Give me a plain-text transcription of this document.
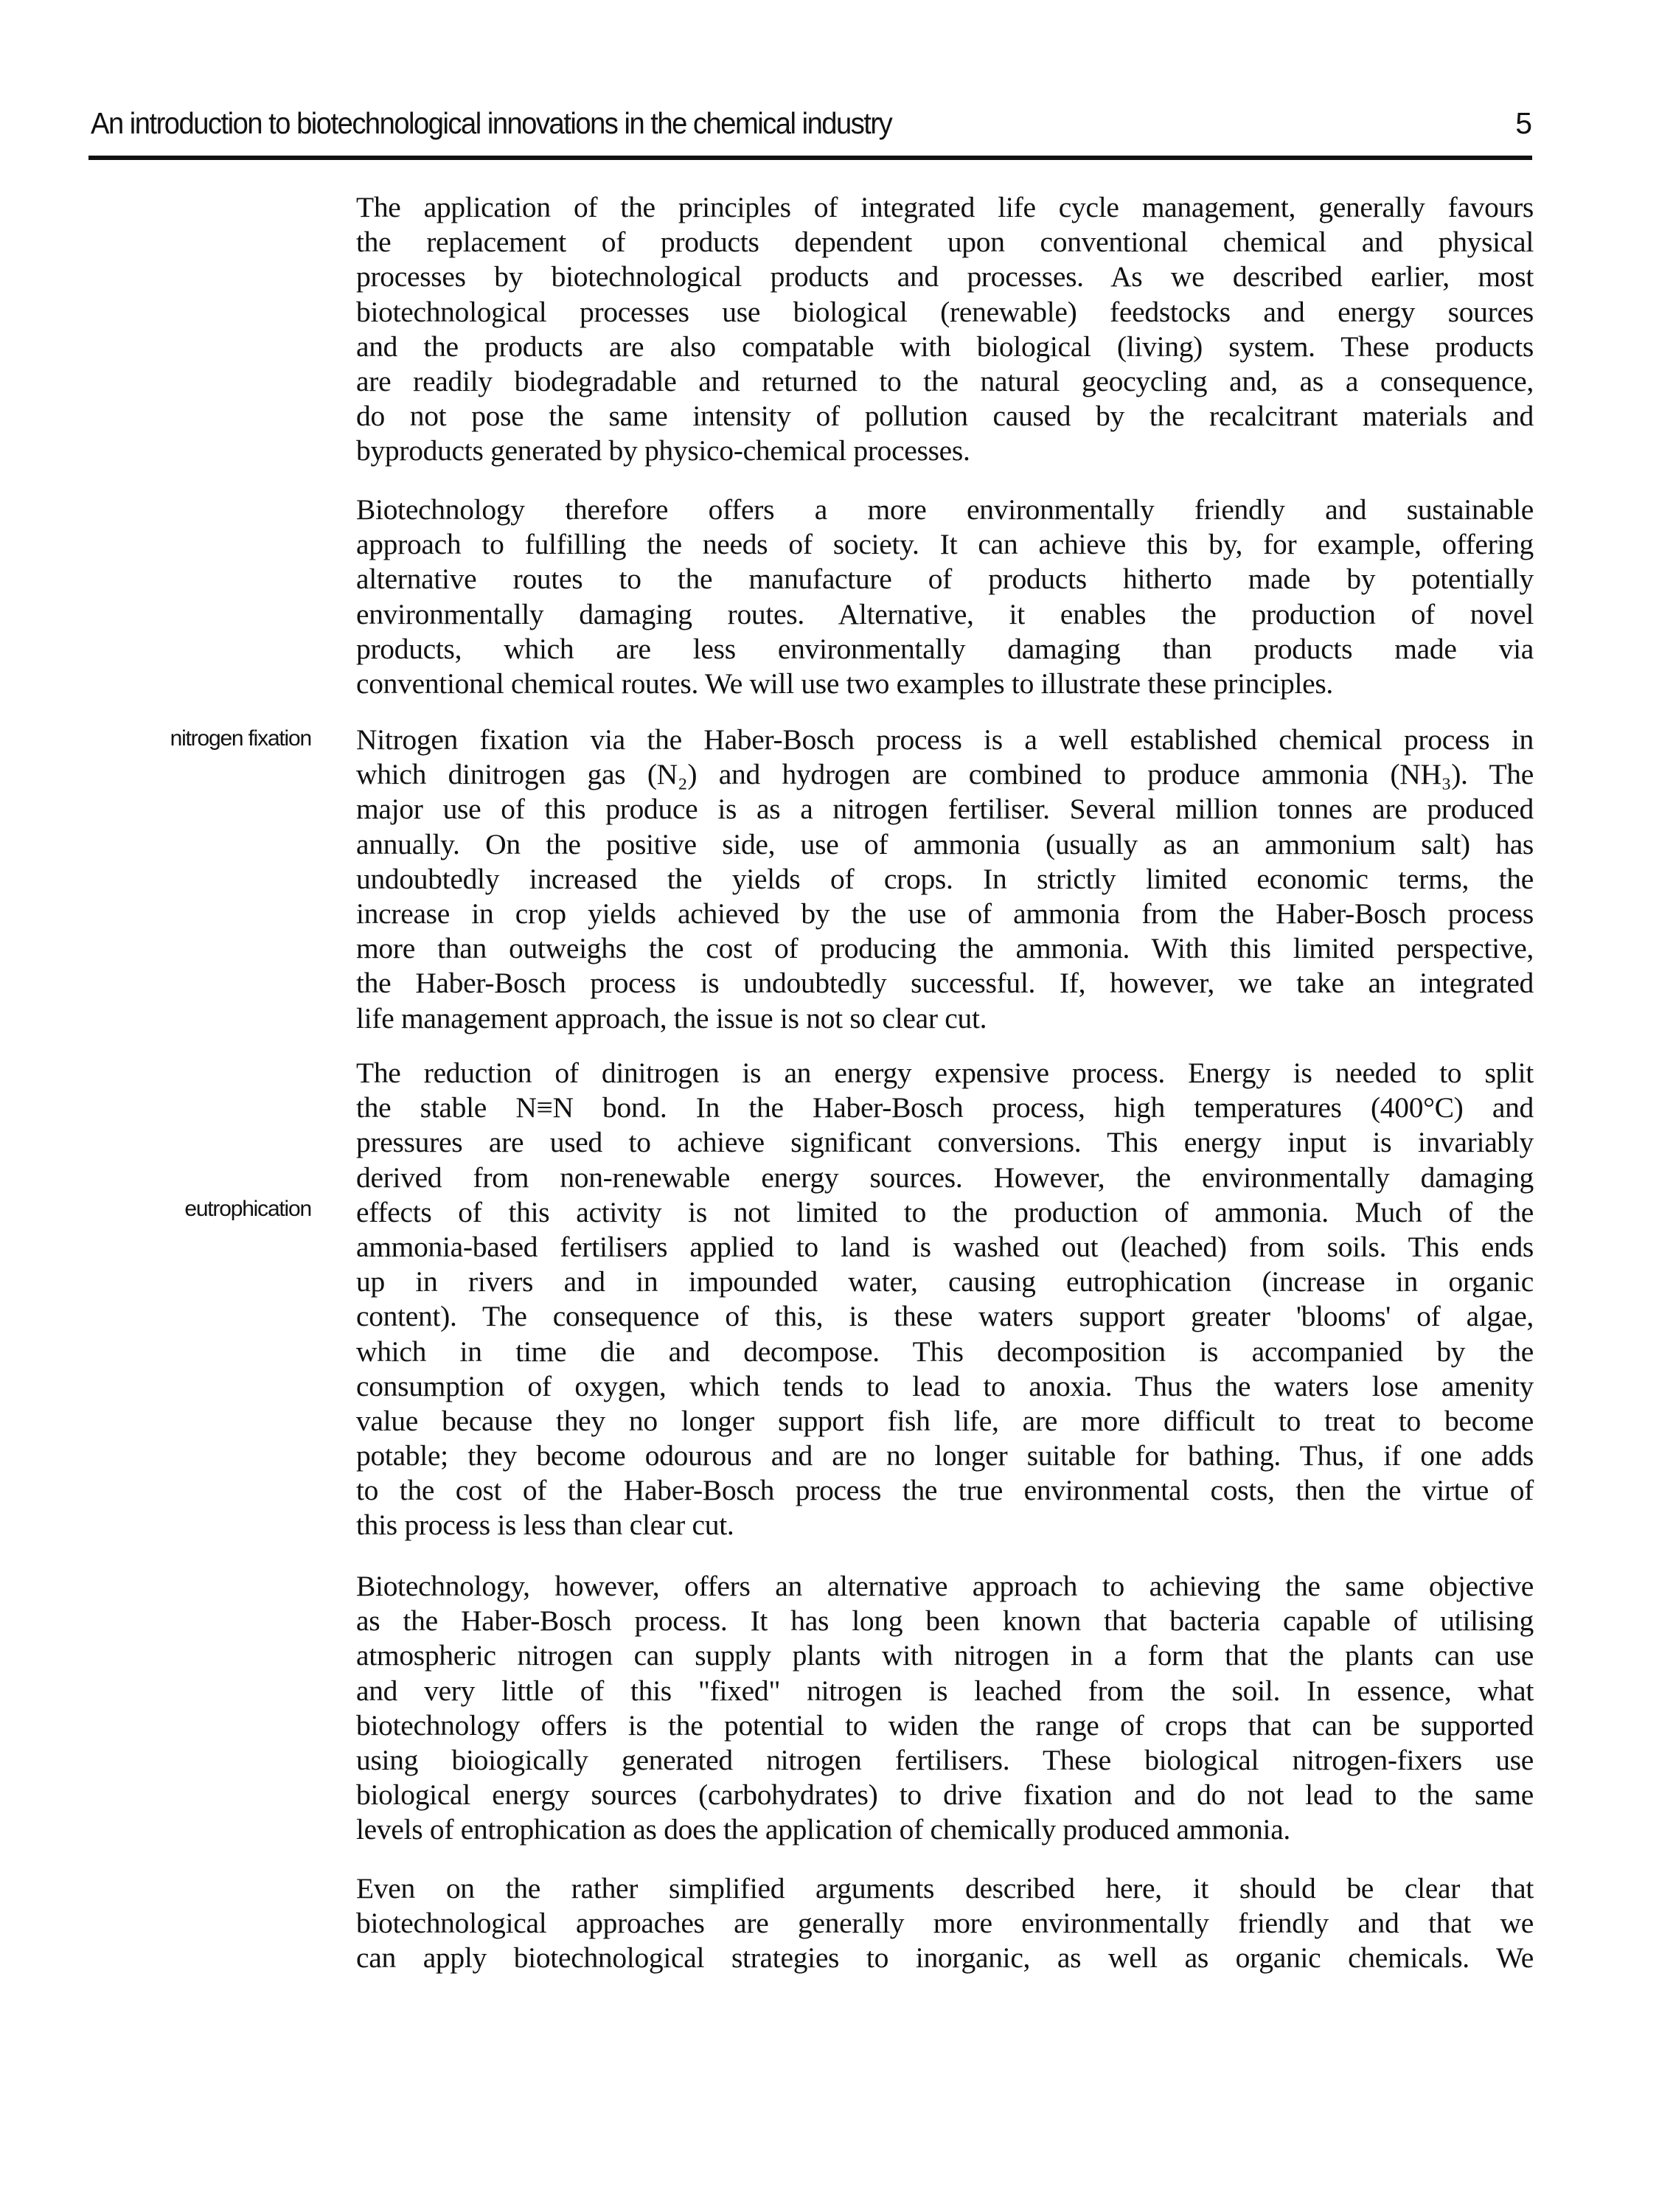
An introduction to biotechnological innovations in the chemical industry	5
nitrogen fixation
eutrophication
The application of the principles of integrated life cycle management, generally favours
the replacement of products dependent upon conventional chemical and physical
processes by biotechnological products and processes. As we described earlier, most
biotechnological processes use biological (renewable) feedstocks and energy sources
and the products are also compatable with biological (living) system. These products
are readily biodegradable and returned to the natural geocycling and, as a consequence,
do not pose the same intensity of pollution caused by the recalcitrant materials and
byproducts generated by physico-chemical processes.
Biotechnology therefore offers a more environmentally friendly and sustainable
approach to fulfilling the needs of society. It can achieve this by, for example, offering
alternative routes to the manufacture of products hitherto made by potentially
environmentally damaging routes. Alternative, it enables the production of novel
products, which are less environmentally damaging than products made via
conventional chemical routes. We will use two examples to illustrate these principles.
Nitrogen fixation via the Haber-Bosch process is a well established chemical process in
which dinitrogen gas (N₂) and hydrogen are combined to produce ammonia (NH₃). The
major use of this produce is as a nitrogen fertiliser. Several million tonnes are produced
annually. On the positive side, use of ammonia (usually as an ammonium salt) has
undoubtedly increased the yields of crops. In strictly limited economic terms, the
increase in crop yields achieved by the use of ammonia from the Haber-Bosch process
more than outweighs the cost of producing the ammonia. With this limited perspective,
the Haber-Bosch process is undoubtedly successful. If, however, we take an integrated
life management approach, the issue is not so clear cut.
The reduction of dinitrogen is an energy expensive process. Energy is needed to split
the stable N≡N bond. In the Haber-Bosch process, high temperatures (400°C) and
pressures are used to achieve significant conversions. This energy input is invariably
derived from non-renewable energy sources. However, the environmentally damaging
effects of this activity is not limited to the production of ammonia. Much of the
ammonia-based fertilisers applied to land is washed out (leached) from soils. This ends
up in rivers and in impounded water, causing eutrophication (increase in organic
content). The consequence of this, is these waters support greater 'blooms' of algae,
which in time die and decompose. This decomposition is accompanied by the
consumption of oxygen, which tends to lead to anoxia. Thus the waters lose amenity
value because they no longer support fish life, are more difficult to treat to become
potable; they become odourous and are no longer suitable for bathing. Thus, if one adds
to the cost of the Haber-Bosch process the true environmental costs, then the virtue of
this process is less than clear cut.
Biotechnology, however, offers an alternative approach to achieving the same objective
as the Haber-Bosch process. It has long been known that bacteria capable of utilising
atmospheric nitrogen can supply plants with nitrogen in a form that the plants can use
and very little of this "fixed" nitrogen is leached from the soil. In essence, what
biotechnology offers is the potential to widen the range of crops that can be supported
using bioiogically generated nitrogen fertilisers. These biological nitrogen-fixers use
biological energy sources (carbohydrates) to drive fixation and do not lead to the same
levels of entrophication as does the application of chemically produced ammonia.
Even on the rather simplified arguments described here, it should be clear that
biotechnological approaches are generally more environmentally friendly and that we
can apply biotechnological strategies to inorganic, as well as organic chemicals. We
